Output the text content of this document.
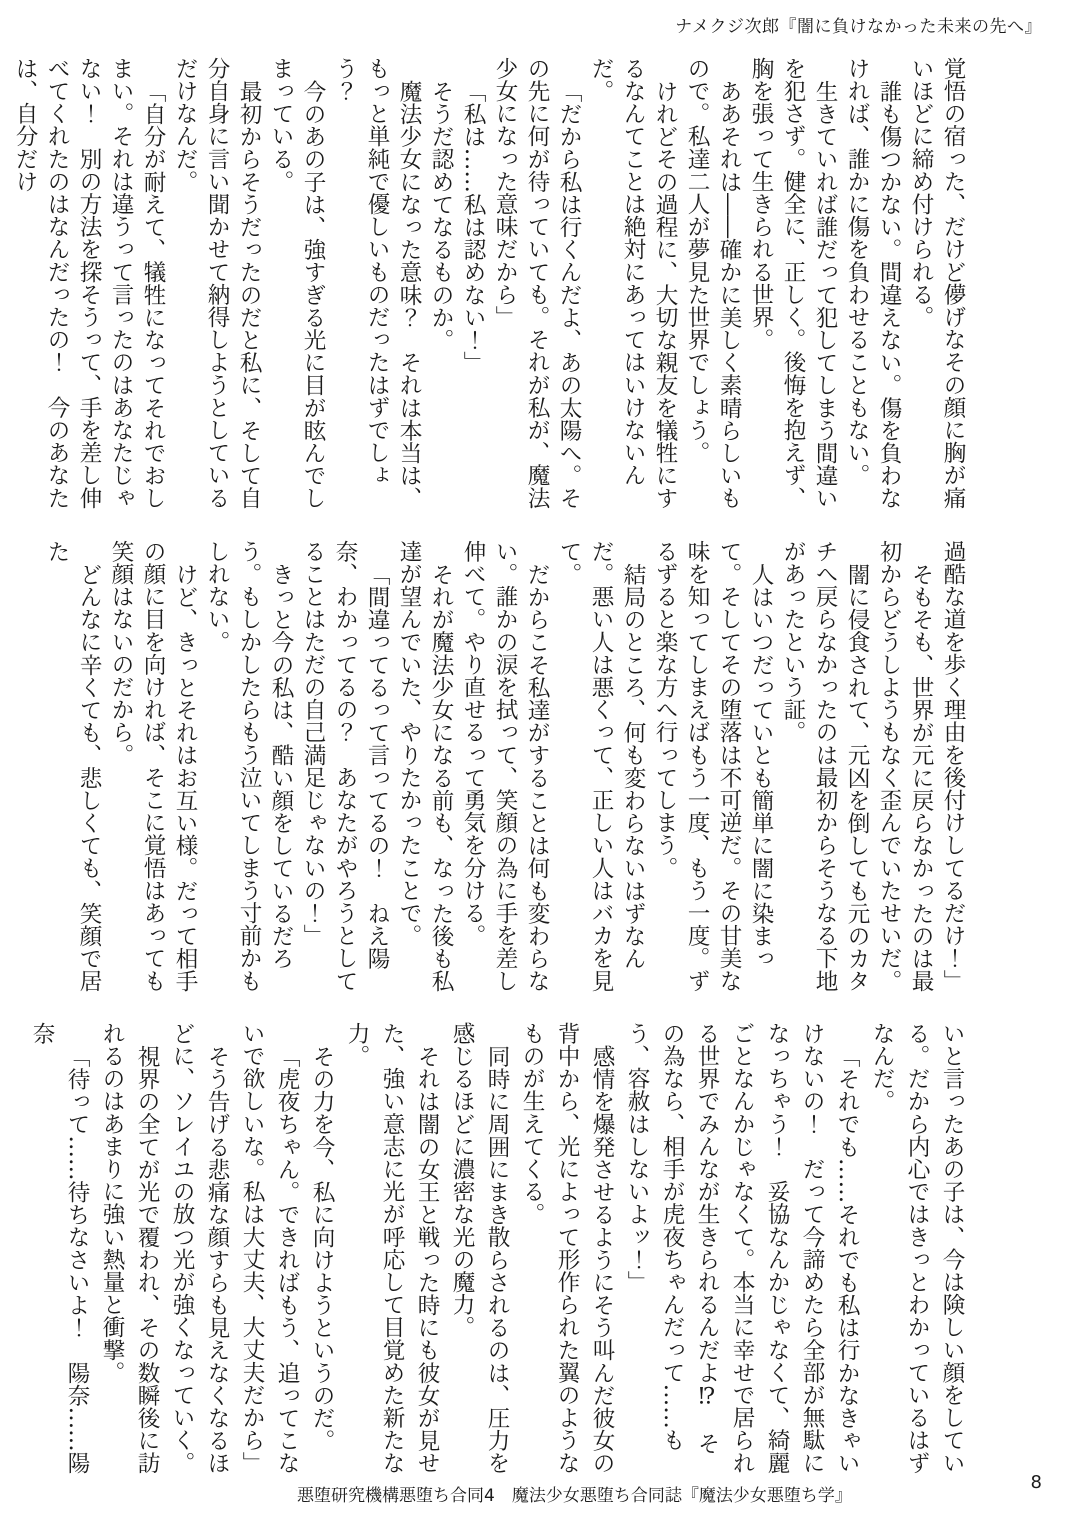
ナメクジ次郎『闇に負けなかった未来の先へ』

覚悟の宿った、だけど儚げなその顔に胸が痛いほどに締め付けられる。

誰も傷つかない。間違えない。傷を負わなければ、誰かに傷を負わせることもない。

生きていれば誰だって犯してしまう間違いを犯さず。健全に、正しく。後悔を抱えず、胸を張って生きられる世界。

ああそれは――確かに美しく素晴らしいもので。私達二人が夢見た世界でしょう。

けれどその過程に、大切な親友を犠牲にするなんてことは絶対にあってはいけないんだ。

「だから私は行くんだよ、あの太陽へ。その先に何が待っていても。それが私が、魔法少女になった意味だから」

「私は……私は認めない！」

そうだ認めてなるものか。

魔法少女になった意味？　それは本当は、もっと単純で優しいものだったはずでしょう？

今のあの子は、強すぎる光に目が眩んでしまっている。

最初からそうだったのだと私に、そして自分自身に言い聞かせて納得しようとしているだけなんだ。

「自分が耐えて、犠牲になってそれでおしまい。それは違うって言ったのはあなたじゃない！　別の方法を探そうって、手を差し伸べてくれたのはなんだったの！　今のあなたは、自分だけ

過酷な道を歩く理由を後付けしてるだけ！」

そもそも、世界が元に戻らなかったのは最初からどうしようもなく歪んでいたせいだ。

闇に侵食されて、元凶を倒しても元のカタチへ戻らなかったのは最初からそうなる下地があったという証。

人はいつだっていとも簡単に闇に染まって。そしてその堕落は不可逆だ。その甘美な味を知ってしまえばもう一度、もう一度。ずるずると楽な方へ行ってしまう。

結局のところ、何も変わらないはずなんだ。悪い人は悪くって、正しい人はバカを見て。

だからこそ私達がすることは何も変わらない。誰かの涙を拭って、笑顔の為に手を差し伸べて。やり直せるって勇気を分ける。

それが魔法少女になる前も、なった後も私達が望んでいた、やりたかったことで。

「間違ってるって言ってるの！　ねえ陽奈、わかってるの？　あなたがやろうとしてることはただの自己満足じゃないの！」

きっと今の私は、酷い顔をしているだろう。もしかしたらもう泣いてしまう寸前かもしれない。

けど、きっとそれはお互い様。だって相手の顔に目を向ければ、そこに覚悟はあっても笑顔はないのだから。

どんなに辛くても、悲しくても、笑顔で居た

いと言ったあの子は、今は険しい顔をしている。だから内心ではきっとわかっているはずなんだ。

「それでも……それでも私は行かなきゃいけないの！　だって今諦めたら全部が無駄になっちゃう！　妥協なんかじゃなくて、綺麗ごとなんかじゃなくて。本当に幸せで居られる世界でみんなが生きられるんだよ⁉　その為なら、相手が虎夜ちゃんだって……もう、容赦はしないよッ！」

感情を爆発させるようにそう叫んだ彼女の背中から、光によって形作られた翼のようなものが生えてくる。

同時に周囲にまき散らされるのは、圧力を感じるほどに濃密な光の魔力。

それは闇の女王と戦った時にも彼女が見せた、強い意志に光が呼応して目覚めた新たな力。

その力を今、私に向けようというのだ。

「虎夜ちゃん。できればもう、追ってこないで欲しいな。私は大丈夫、大丈夫だから」

そう告げる悲痛な顔すらも見えなくなるほどに、ソレイユの放つ光が強くなっていく。

視界の全てが光で覆われ、その数瞬後に訪れるのはあまりに強い熱量と衝撃。

「待って……待ちなさいよ！　陽奈……陽奈

悪堕研究機構悪堕ち合同4　魔法少女悪堕ち合同誌『魔法少女悪堕ち学』
8
